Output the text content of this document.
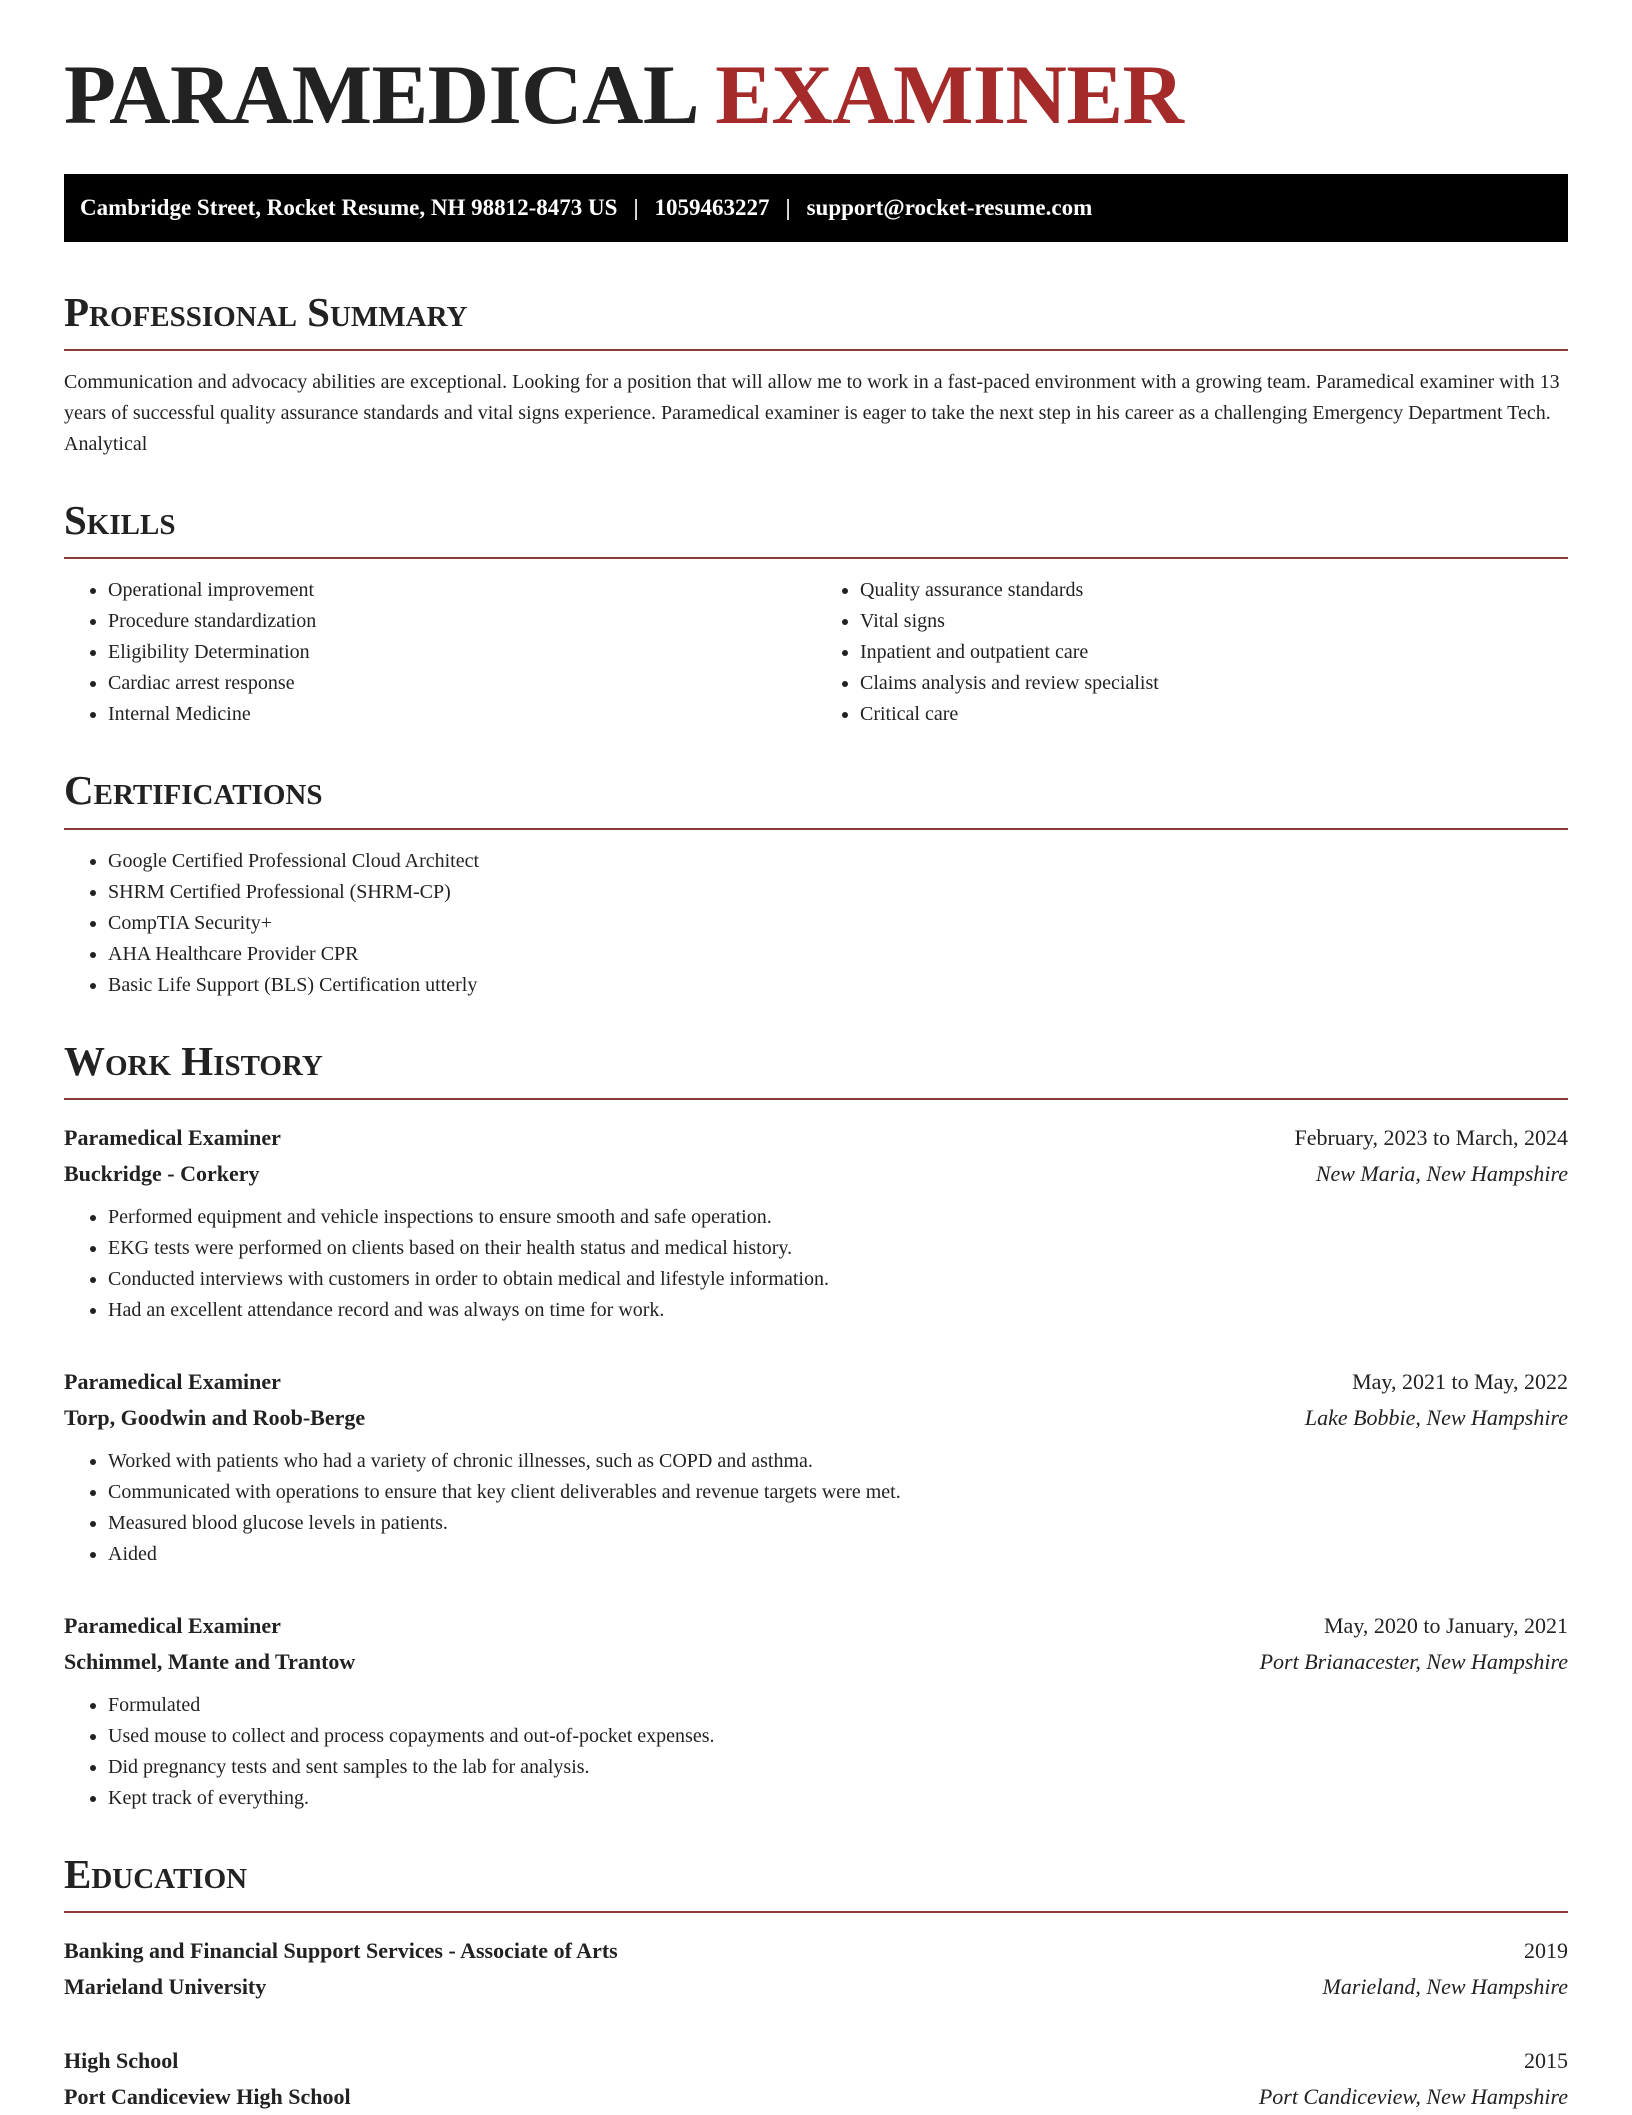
PARAMEDICAL EXAMINER
Cambridge Street, Rocket Resume, NH 98812-8473 US | 1059463227 | support@rocket-resume.com
Professional Summary

Communication and advocacy abilities are exceptional. Looking for a position that will allow me to work in a fast-paced environment with a growing team. Paramedical examiner with 13 years of successful quality assurance standards and vital signs experience. Paramedical examiner is eager to take the next step in his career as a challenging Emergency Department Tech. Analytical

Skills
• Operational improvement
• Procedure standardization
• Eligibility Determination
• Cardiac arrest response
• Internal Medicine
• Quality assurance standards
• Vital signs
• Inpatient and outpatient care
• Claims analysis and review specialist
• Critical care
Certifications
• Google Certified Professional Cloud Architect
• SHRM Certified Professional (SHRM-CP)
• CompTIA Security+
• AHA Healthcare Provider CPR
• Basic Life Support (BLS) Certification utterly
Work History
Paramedical Examiner	February, 2023 to March, 2024
Buckridge - Corkery	New Maria, New Hampshire
• Performed equipment and vehicle inspections to ensure smooth and safe operation.
• EKG tests were performed on clients based on their health status and medical history.
• Conducted interviews with customers in order to obtain medical and lifestyle information.
• Had an excellent attendance record and was always on time for work.
Paramedical Examiner	May, 2021 to May, 2022
Torp, Goodwin and Roob-Berge	Lake Bobbie, New Hampshire
• Worked with patients who had a variety of chronic illnesses, such as COPD and asthma.
• Communicated with operations to ensure that key client deliverables and revenue targets were met.
• Measured blood glucose levels in patients.
• Aided
Paramedical Examiner	May, 2020 to January, 2021
Schimmel, Mante and Trantow	Port Brianacester, New Hampshire
• Formulated
• Used mouse to collect and process copayments and out-of-pocket expenses.
• Did pregnancy tests and sent samples to the lab for analysis.
• Kept track of everything.
Education
Banking and Financial Support Services - Associate of Arts	2019
Marieland University	Marieland, New Hampshire
High School	2015
Port Candiceview High School	Port Candiceview, New Hampshire
